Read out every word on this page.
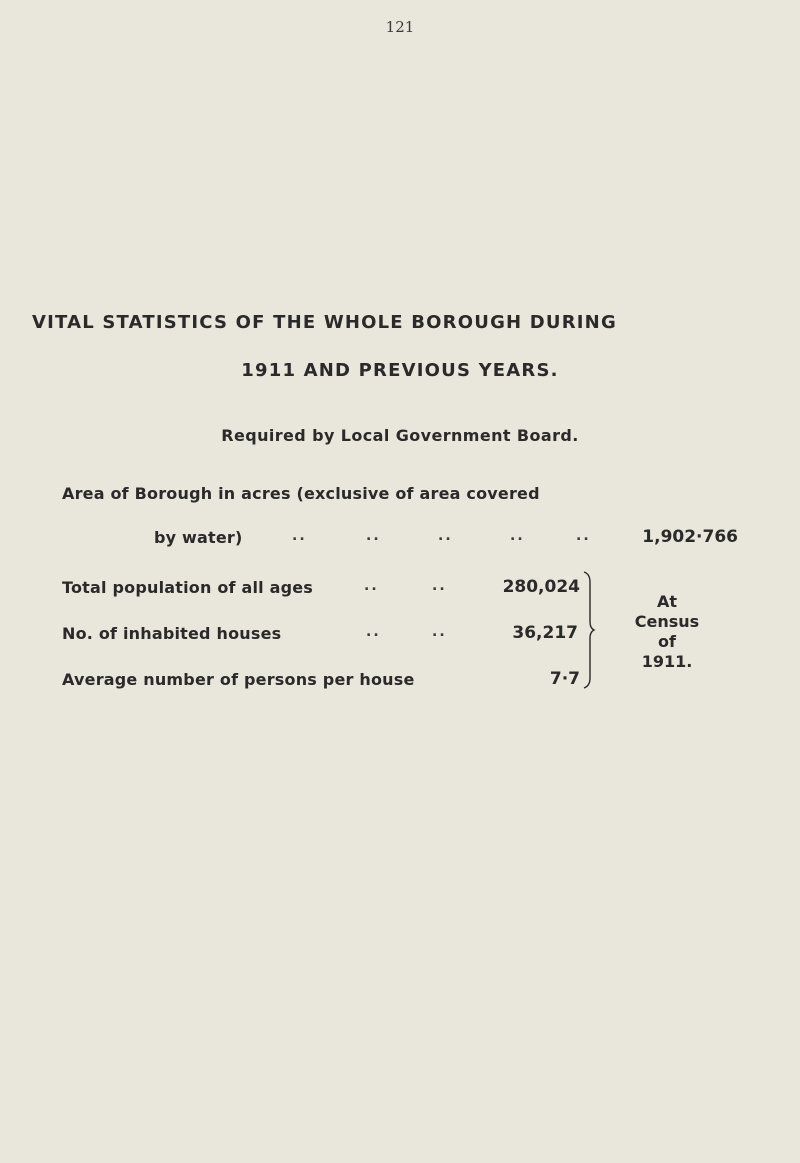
121
VITAL STATISTICS OF THE WHOLE BOROUGH DURING
1911 AND PREVIOUS YEARS.
Required by Local Government Board.
Area of Borough in acres (exclusive of area covered
by water)	..	..	..	..	..	1,902·766
Total population of all ages	..	..	280,024
No. of inhabited houses	..	..	36,217
Average number of persons per house	7·7
At
Census
of
1911.
